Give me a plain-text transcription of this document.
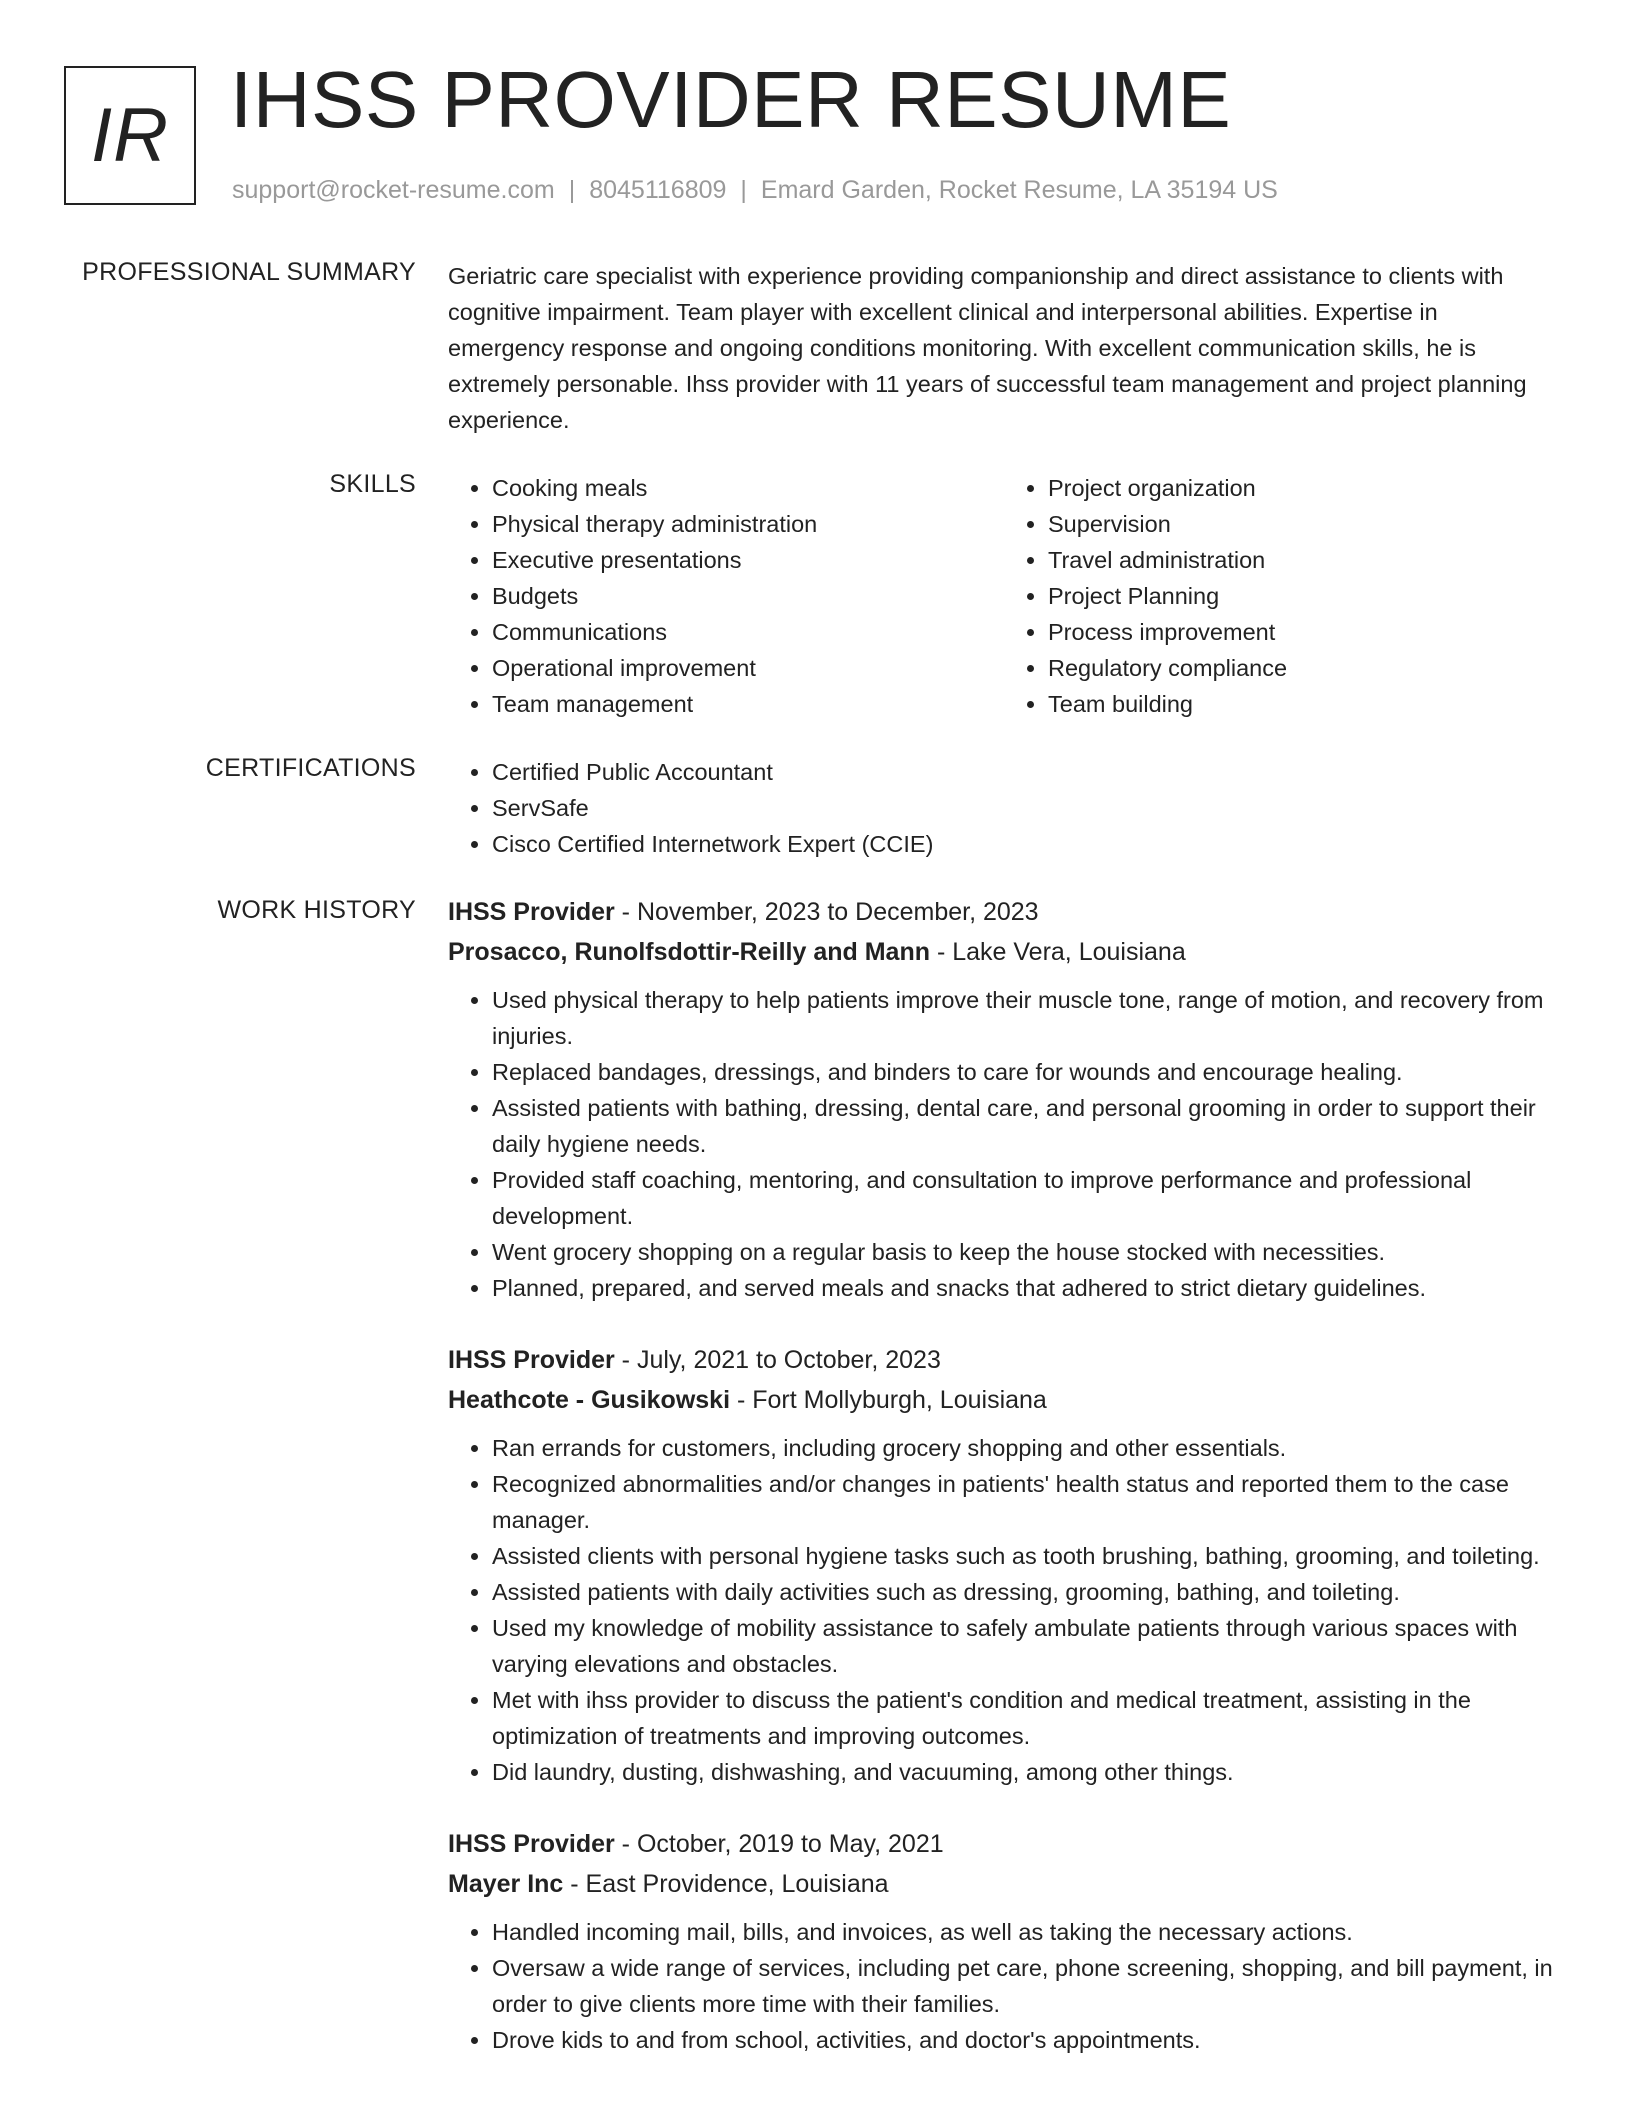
IR IHSS PROVIDER RESUME
support@rocket-resume.com | 8045116809 | Emard Garden, Rocket Resume, LA 35194 US
PROFESSIONAL SUMMARY Geriatric care specialist with experience providing companionship and direct assistance to clients with cognitive impairment. Team player with excellent clinical and interpersonal abilities. Expertise in emergency response and ongoing conditions monitoring. With excellent communication skills, he is extremely personable. Ihss provider with 11 years of successful team management and project planning experience.

SKILLS	• Cooking meals
• Physical therapy administration
• Executive presentations
• Budgets
• Communications
• Operational improvement
• Team management
• Project organization
• Supervision
• Travel administration
• Project Planning
• Process improvement
• Regulatory compliance
• Team building
CERTIFICATIONS	• Certified Public Accountant
• ServSafe
• Cisco Certified Internetwork Expert (CCIE)
WORK HISTORY IHSS Provider - November, 2023 to December, 2023
Prosacco, Runolfsdottir-Reilly and Mann - Lake Vera, Louisiana
• Used physical therapy to help patients improve their muscle tone, range of motion, and recovery from injuries.
• Replaced bandages, dressings, and binders to care for wounds and encourage healing.
• Assisted patients with bathing, dressing, dental care, and personal grooming in order to support their daily hygiene needs.
• Provided staff coaching, mentoring, and consultation to improve performance and professional development.
• Went grocery shopping on a regular basis to keep the house stocked with necessities.
• Planned, prepared, and served meals and snacks that adhered to strict dietary guidelines.
IHSS Provider - July, 2021 to October, 2023
Heathcote - Gusikowski - Fort Mollyburgh, Louisiana
• Ran errands for customers, including grocery shopping and other essentials.
• Recognized abnormalities and/or changes in patients' health status and reported them to the case manager.
• Assisted clients with personal hygiene tasks such as tooth brushing, bathing, grooming, and toileting.
• Assisted patients with daily activities such as dressing, grooming, bathing, and toileting.
• Used my knowledge of mobility assistance to safely ambulate patients through various spaces with varying elevations and obstacles.
• Met with ihss provider to discuss the patient's condition and medical treatment, assisting in the optimization of treatments and improving outcomes.
• Did laundry, dusting, dishwashing, and vacuuming, among other things.
IHSS Provider - October, 2019 to May, 2021
Mayer Inc - East Providence, Louisiana
• Handled incoming mail, bills, and invoices, as well as taking the necessary actions.
• Oversaw a wide range of services, including pet care, phone screening, shopping, and bill payment, in order to give clients more time with their families.
• Drove kids to and from school, activities, and doctor's appointments.
